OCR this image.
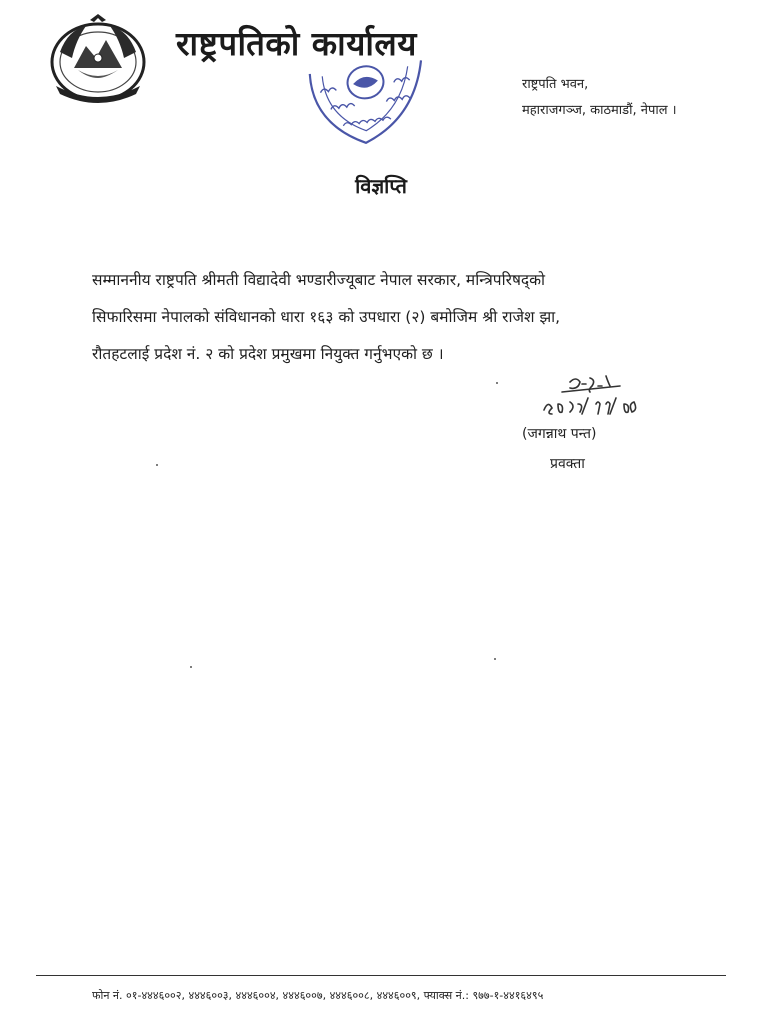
राष्ट्रपतिको कार्यालय
राष्ट्रपति भवन,
महाराजगञ्ज, काठमाडौं, नेपाल ।
विज्ञप्ति
सम्माननीय राष्ट्रपति श्रीमती विद्यादेवी भण्डारीज्यूबाट नेपाल सरकार, मन्त्रिपरिषद्को
सिफारिसमा नेपालको संविधानको धारा १६३ को उपधारा (२) बमोजिम श्री राजेश झा,
रौतहटलाई प्रदेश नं. २ को प्रदेश प्रमुखमा नियुक्त गर्नुभएको छ ।
(जगन्नाथ पन्त)
प्रवक्ता
फोन नं. ०१-४४४६००२, ४४४६००३, ४४४६००४, ४४४६००७, ४४४६००८, ४४४६००९, फ्याक्स नं.: ९७७-१-४४१६४९५
